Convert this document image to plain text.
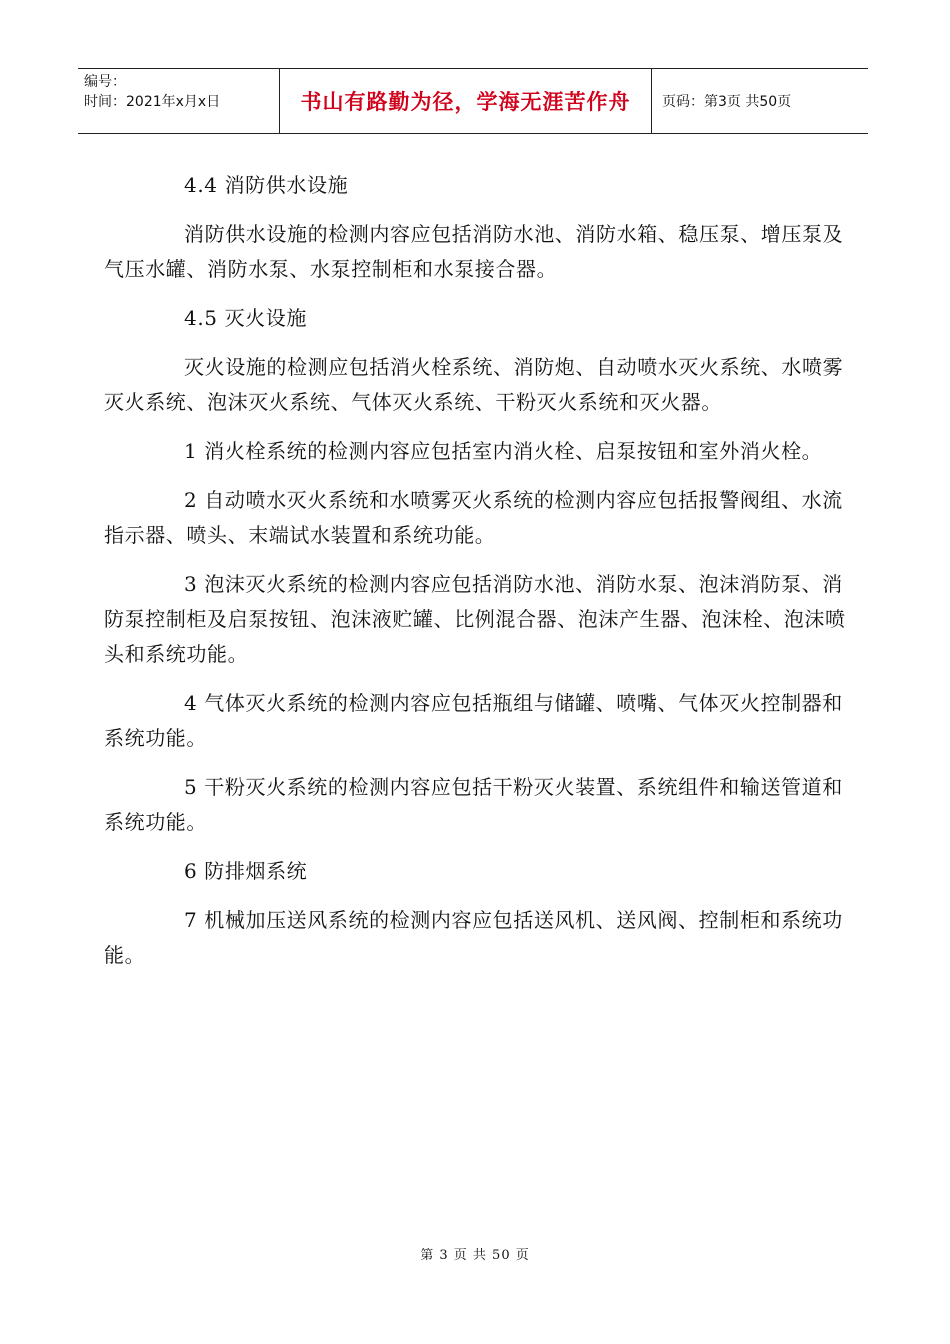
编号：
时间：2021年x月x日	书山有路勤为径，学海无涯苦作舟	页码：第3页 共50页

4.4 消防供水设施

消防供水设施的检测内容应包括消防水池、消防水箱、稳压泵、增压泵及气压水罐、消防水泵、水泵控制柜和水泵接合器。

4.5 灭火设施

灭火设施的检测应包括消火栓系统、消防炮、自动喷水灭火系统、水喷雾灭火系统、泡沫灭火系统、气体灭火系统、干粉灭火系统和灭火器。

1 消火栓系统的检测内容应包括室内消火栓、启泵按钮和室外消火栓。

2 自动喷水灭火系统和水喷雾灭火系统的检测内容应包括报警阀组、水流指示器、喷头、末端试水装置和系统功能。

3 泡沫灭火系统的检测内容应包括消防水池、消防水泵、泡沫消防泵、消防泵控制柜及启泵按钮、泡沫液贮罐、比例混合器、泡沫产生器、泡沫栓、泡沫喷头和系统功能。

4 气体灭火系统的检测内容应包括瓶组与储罐、喷嘴、气体灭火控制器和系统功能。

5 干粉灭火系统的检测内容应包括干粉灭火装置、系统组件和输送管道和系统功能。

6 防排烟系统

7 机械加压送风系统的检测内容应包括送风机、送风阀、控制柜和系统功能。

第 3 页 共 50 页
